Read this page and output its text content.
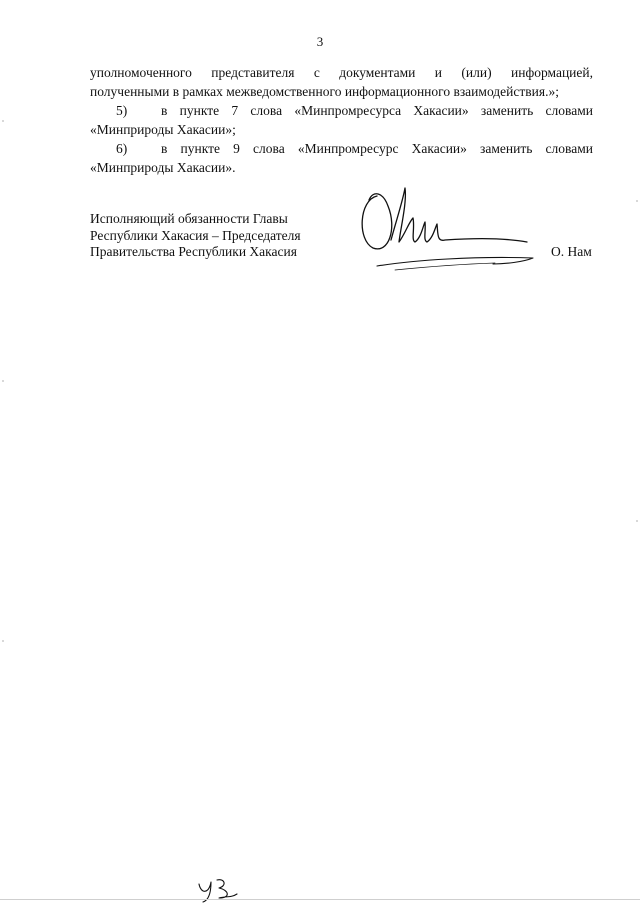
3

уполномоченного представителя с документами и (или) информацией,

полученными в рамках межведомственного информационного взаимодействия.»;

5)	в пункте 7 слова «Минпромресурса Хакасии» заменить словами

«Минприроды Хакасии»;

6)	в пункте 9 слова «Минпромресурс Хакасии» заменить словами

«Минприроды Хакасии».

Исполняющий обязанности Главы
Республики Хакасия – Председателя
Правительства Республики Хакасия	О. Нам
